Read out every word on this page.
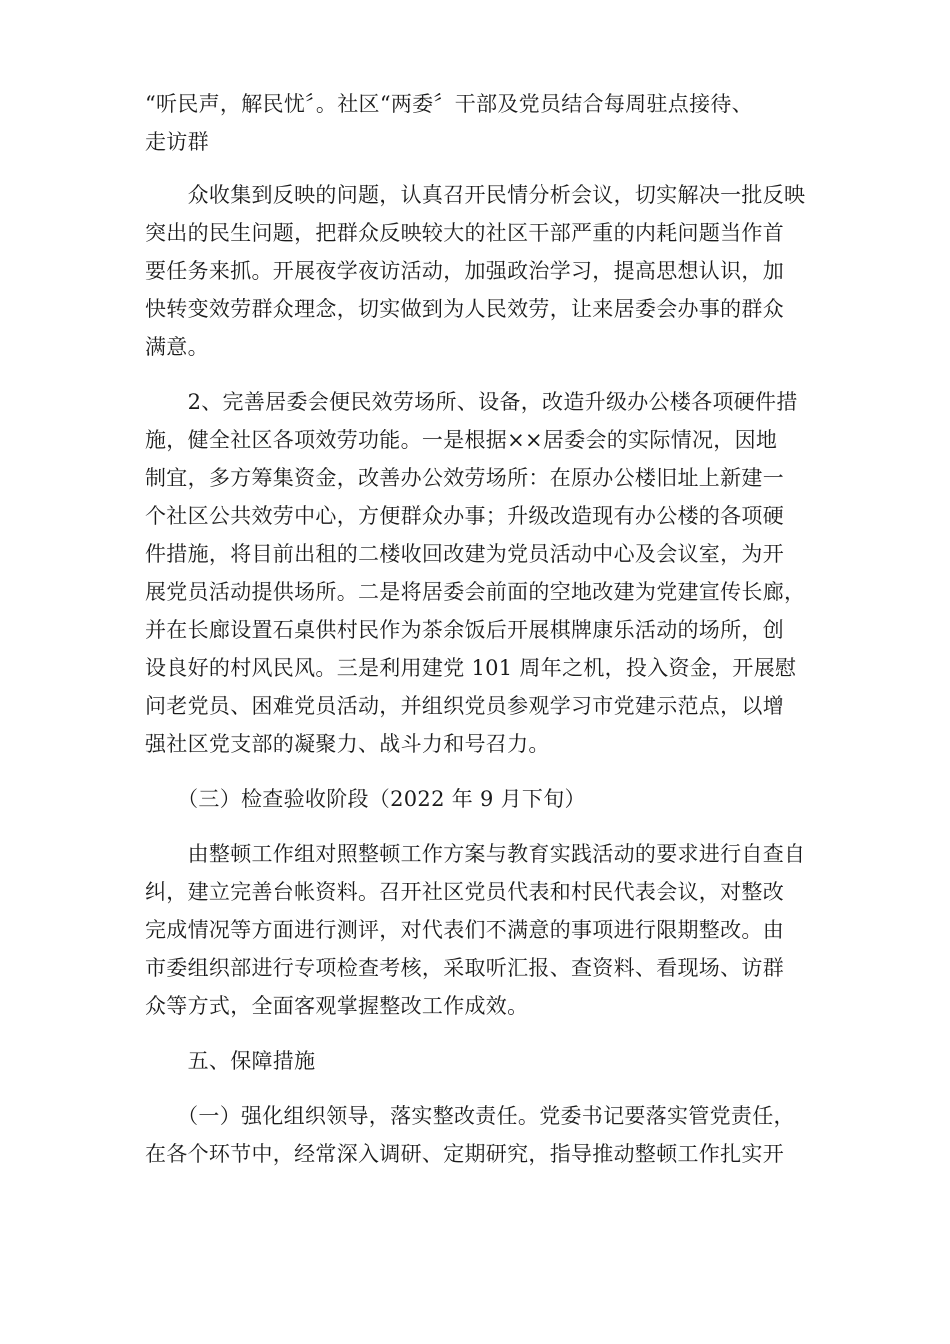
“听民声，解民忧〞。社区“两委〞干部及党员结合每周驻点接待、
走访群

　　众收集到反映的问题，认真召开民情分析会议，切实解决一批反映
突出的民生问题，把群众反映较大的社区干部严重的内耗问题当作首
要任务来抓。开展夜学夜访活动，加强政治学习，提高思想认识，加
快转变效劳群众理念，切实做到为人民效劳，让来居委会办事的群众
满意。

　　2、完善居委会便民效劳场所、设备，改造升级办公楼各项硬件措
施，健全社区各项效劳功能。一是根据××居委会的实际情况，因地
制宜，多方筹集资金，改善办公效劳场所：在原办公楼旧址上新建一
个社区公共效劳中心，方便群众办事；升级改造现有办公楼的各项硬
件措施，将目前出租的二楼收回改建为党员活动中心及会议室，为开
展党员活动提供场所。二是将居委会前面的空地改建为党建宣传长廊，
并在长廊设置石桌供村民作为茶余饭后开展棋牌康乐活动的场所，创
设良好的村风民风。三是利用建党 101 周年之机，投入资金，开展慰
问老党员、困难党员活动，并组织党员参观学习市党建示范点，以增
强社区党支部的凝聚力、战斗力和号召力。

　　（三）检查验收阶段（2022 年 9 月下旬）

　　由整顿工作组对照整顿工作方案与教育实践活动的要求进行自查自
纠，建立完善台帐资料。召开社区党员代表和村民代表会议，对整改
完成情况等方面进行测评，对代表们不满意的事项进行限期整改。由
市委组织部进行专项检查考核，采取听汇报、查资料、看现场、访群
众等方式，全面客观掌握整改工作成效。

　　五、保障措施

　　（一）强化组织领导，落实整改责任。党委书记要落实管党责任，
在各个环节中，经常深入调研、定期研究，指导推动整顿工作扎实开
